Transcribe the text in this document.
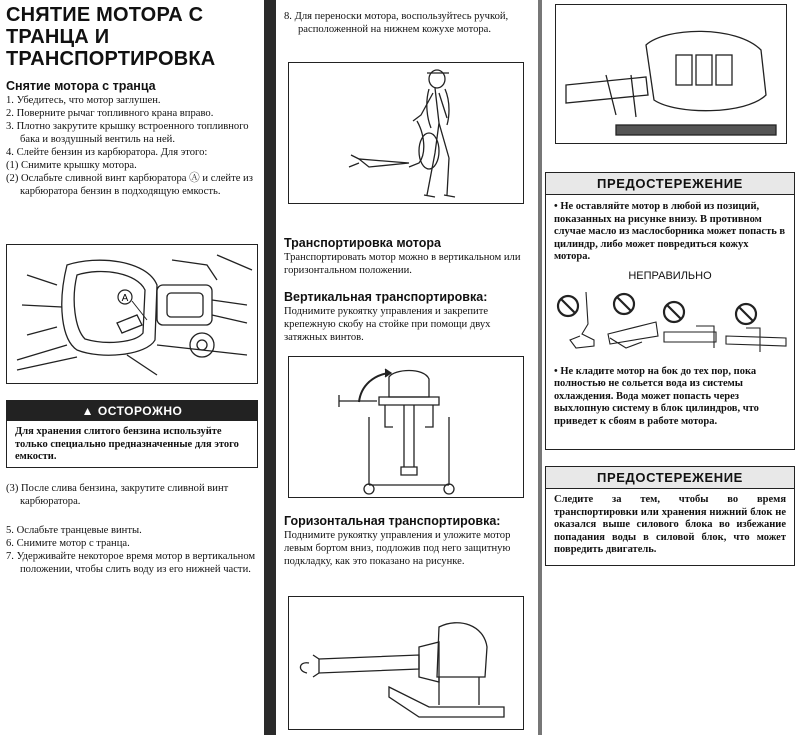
СНЯТИЕ МОТОРА С ТРАНЦА И ТРАНСПОРТИРОВКА
Снятие мотора с транца

1. Убедитесь, что мотор заглушен.

2. Поверните рычаг топливного крана вправо.

3. Плотно закрутите крышку встроенного топливного бака и воздушный вентиль на ней.

4. Слейте бензин из карбюратора. Для этого:

(1) Снимите крышку мотора.

(2) Ослабьте сливной винт карбюратора Ⓐ и слейте из карбюратора бензин в подходящую емкость.

A
▲ ОСТОРОЖНО
Для хранения слитого бензина используйте только специально предназначенные для этого емкости.

(3) После слива бензина, закрутите сливной винт карбюратора.

5. Ослабьте транцевые винты.

6. Снимите мотор с транца.

7. Удерживайте некоторое время мотор в вертикальном положении, чтобы слить воду из его нижней части.

8. Для переноски мотора, воспользуйтесь ручкой, расположенной на нижнем кожухе мотора.

Транспортировка мотора
Транспортировать мотор можно в вертикальном или горизонтальном положении.
Вертикальная транспортировка:
Поднимите рукоятку управления и закрепите крепежную скобу на стойке при помощи двух затяжных винтов.
Горизонтальная транспортировка:
Поднимите рукоятку управления и уложите мотор левым бортом вниз, подложив под него защитную подкладку, как это показано на рисунке.
ПРЕДОСТЕРЕЖЕНИЕ
• Не оставляйте мотор в любой из позиций, показанных на рисунке внизу. В противном случае масло из маслосборника может попасть в цилиндр, либо может повредиться кожух мотора.
НЕПРАВИЛЬНО
• Не кладите мотор на бок до тех пор, пока полностью не сольется вода из системы охлаждения. Вода может попасть через выхлопную систему в блок цилиндров, что приведет к сбоям в работе мотора.
ПРЕДОСТЕРЕЖЕНИЕ
Следите за тем, чтобы во время транспортировки или хранения нижний блок не оказался выше силового блока во избежание попадания воды в силовой блок, что может повредить двигатель.
